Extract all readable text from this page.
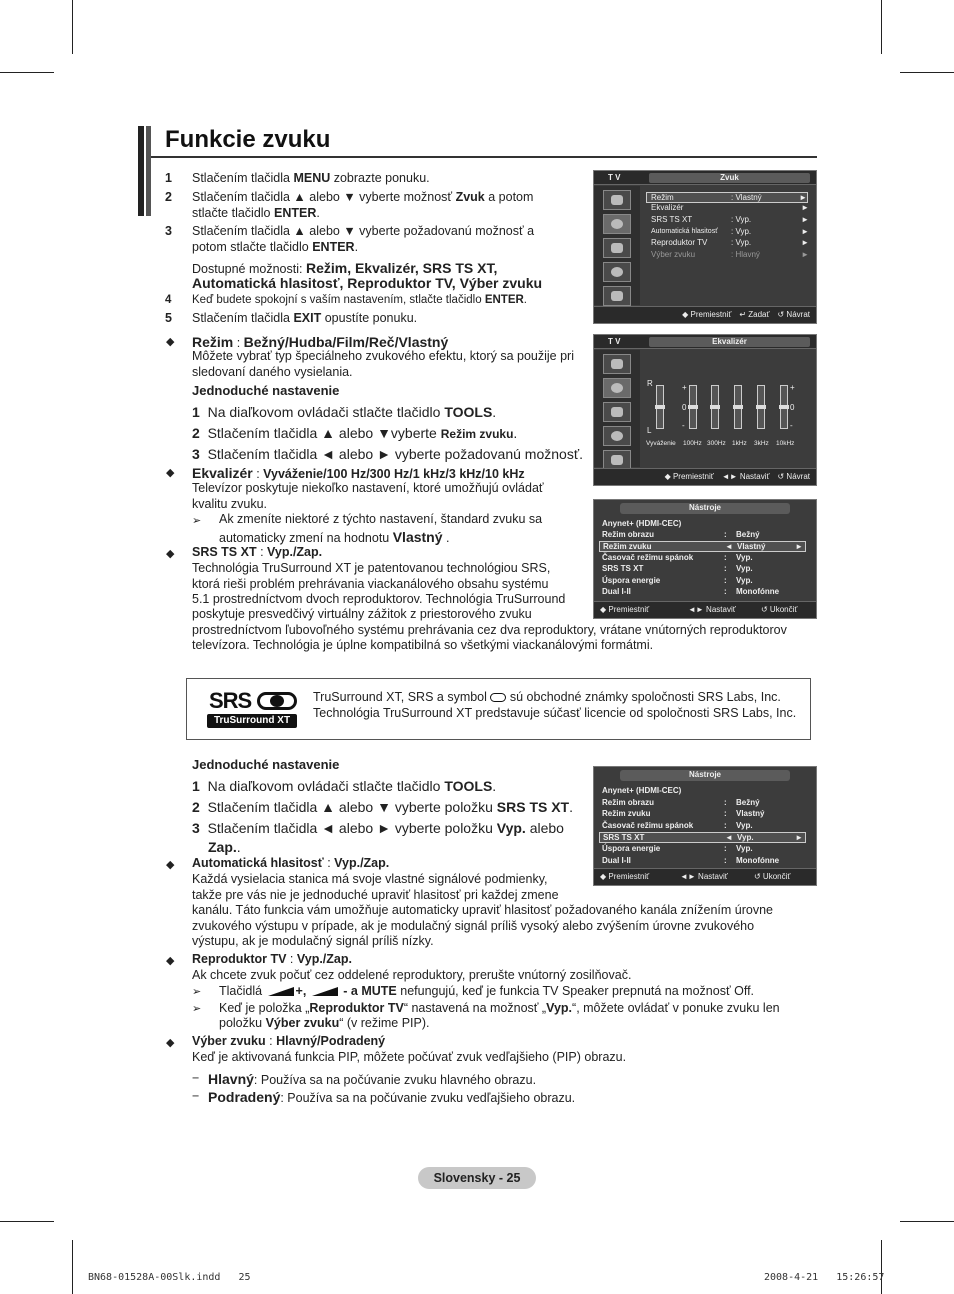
Funkcie zvuku
1 Stlačením tlačidla MENU zobrazte ponuku.
2 Stlačením tlačidla ▲ alebo ▼ vyberte možnosť Zvuk a potom stlačte tlačidlo ENTER.
3 Stlačením tlačidla ▲ alebo ▼ vyberte požadovanú možnosť a potom stlačte tlačidlo ENTER.
Dostupné možnosti: Režim, Ekvalizér, SRS TS XT,
Automatická hlasitosť, Reproduktor TV, Výber zvuku
4 Keď budete spokojní s vaším nastavením, stlačte tlačidlo ENTER.
5 Stlačením tlačidla EXIT opustíte ponuku.
◆ Režim : Bežný/Hudba/Film/Reč/Vlastný
Môžete vybrať typ špeciálneho zvukového efektu, ktorý sa použije pri sledovaní daného vysielania.
Jednoduché nastavenie
1 Na diaľkovom ovládači stlačte tlačidlo TOOLS.
2 Stlačením tlačidla ▲ alebo ▼vyberte Režim zvuku.
3 Stlačením tlačidla ◄ alebo ► vyberte požadovanú možnosť.
◆ Ekvalizér : Vyváženie/100 Hz/300 Hz/1 kHz/3 kHz/10 kHz
Televízor poskytuje niekoľko nastavení, ktoré umožňujú ovládať kvalitu zvuku.
➢ Ak zmeníte niektoré z týchto nastavení, štandard zvuku sa automaticky zmení na hodnotu Vlastný .
◆ SRS TS XT : Vyp./Zap.
Technológia TruSurround XT je patentovanou technológiou SRS,
ktorá rieši problém prehrávania viackanálového obsahu systému
5.1 prostredníctvom dvoch reproduktorov. Technológia TruSurround
poskytuje presvedčivý virtuálny zážitok z priestorového zvuku
prostredníctvom ľubovoľného systému prehrávania cez dva reproduktory, vrátane vnútorných reproduktorov
televízora. Technológia je úplne kompatibilná so všetkými viackanálovými formátmi.
SRS
TruSurround XT
TruSurround XT, SRS a symbol  sú obchodné známky spoločnosti SRS Labs, Inc.
Technológia TruSurround XT predstavuje súčasť licencie od spoločnosti SRS Labs, Inc.
Jednoduché nastavenie
1 Na diaľkovom ovládači stlačte tlačidlo TOOLS.
2 Stlačením tlačidla ▲ alebo ▼ vyberte položku SRS TS XT.
3 Stlačením tlačidla ◄ alebo ► vyberte položku Vyp. alebo
Zap..
◆ Automatická hlasitosť : Vyp./Zap.
Každá vysielacia stanica má svoje vlastné signálové podmienky,
takže pre vás nie je jednoduché upraviť hlasitosť pri každej zmene
kanálu. Táto funkcia vám umožňuje automaticky upraviť hlasitosť požadovaného kanála znížením úrovne
zvukového výstupu v prípade, ak je modulačný signál príliš vysoký alebo zvýšením úrovne zvukového
výstupu, ak je modulačný signál príliš nízky.
◆ Reproduktor TV : Vyp./Zap.
Ak chcete zvuk počuť cez oddelené reproduktory, prerušte vnútorný zosilňovač.
➢ Tlačidlá +,  - a MUTE nefungujú, keď je funkcia TV Speaker prepnutá na možnosť Off.
➢ Keď je položka „Reproduktor TV“ nastavená na možnosť „Vyp.“, môžete ovládať v ponuke zvuku len
položku Výber zvuku“ (v režime PIP).
◆ Výber zvuku : Hlavný/Podradený
Keď je aktivovaná funkcia PIP, môžete počúvať zvuk vedľajšieho (PIP) obrazu.
− Hlavný: Používa sa na počúvanie zvuku hlavného obrazu.
− Podradený: Používa sa na počúvanie zvuku vedľajšieho obrazu.
T V	Zvuk
Režim	: Vlastný	►
Ekvalizér	►
SRS TS XT	: Vyp.	►
Automatická hlasitosť : Vyp.	►
Reproduktor TV	: Vyp.	►
Výber zvuku	: Hlavný	►
◆ Premiestniť ↵ Zadať ↺ Návrat
T V	Ekvalizér
R
L
+
0
-
+
0
-
Vyváženie 100Hz 300Hz 1kHz 3kHz 10kHz
◆ Premiestniť ◄► Nastaviť ↺ Návrat
Nástroje
Anynet+ (HDMI-CEC)
Režim obrazu	: Bežný
Režim zvuku	◄ Vlastný	►
Časovač režimu spánok	: Vyp.
SRS TS XT	: Vyp.
Úspora energie	: Vyp.
Dual I-II	: Monofónne
◆ Premiestniť	◄► Nastaviť	↺ Ukončiť
Nástroje
Anynet+ (HDMI-CEC)
Režim obrazu	: Bežný
Režim zvuku	: Vlastný
Časovač režimu spánok	: Vyp.
SRS TS XT	◄ Vyp.	►
Úspora energie	: Vyp.
Dual I-II	: Monofónne
◆ Premiestniť	◄► Nastaviť	↺ Ukončiť
Slovensky - 25
BN68-01528A-00Slk.indd   25	2008-4-21   15:26:57
